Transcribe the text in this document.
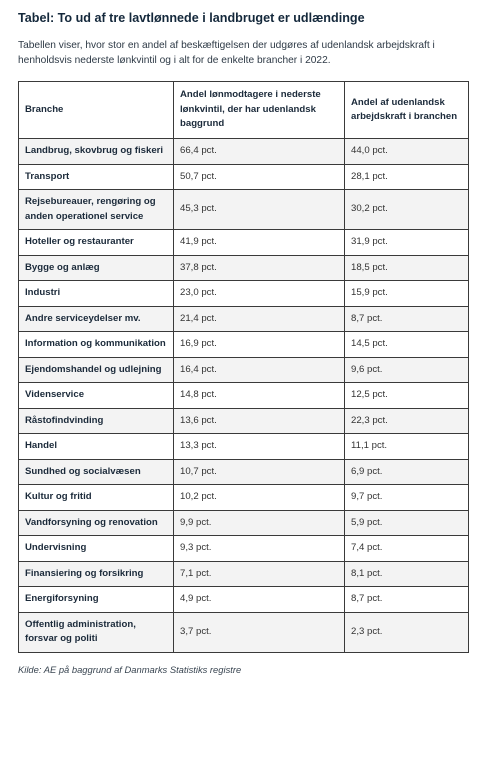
Tabel: To ud af tre lavtlønnede i landbruget er udlændinge

Tabellen viser, hvor stor en andel af beskæftigelsen der udgøres af udenlandsk arbejdskraft i henholdsvis nederste lønkvintil og i alt for de enkelte brancher i 2022.

Branche	Andel lønmodtagere i nederste lønkvintil, der har udenlandsk baggrund	Andel af udenlandsk arbejdskraft i branchen
Landbrug, skovbrug og fiskeri	66,4 pct.	44,0 pct.
Transport	50,7 pct.	28,1 pct.
Rejsebureauer, rengøring og anden operationel service	45,3 pct.	30,2 pct.
Hoteller og restauranter	41,9 pct.	31,9 pct.
Bygge og anlæg	37,8 pct.	18,5 pct.
Industri	23,0 pct.	15,9 pct.
Andre serviceydelser mv.	21,4 pct.	8,7 pct.
Information og kommunikation	16,9 pct.	14,5 pct.
Ejendomshandel og udlejning	16,4 pct.	9,6 pct.
Videnservice	14,8 pct.	12,5 pct.
Råstofindvinding	13,6 pct.	22,3 pct.
Handel	13,3 pct.	11,1 pct.
Sundhed og socialvæsen	10,7 pct.	6,9 pct.
Kultur og fritid	10,2 pct.	9,7 pct.
Vandforsyning og renovation	9,9 pct.	5,9 pct.
Undervisning	9,3 pct.	7,4 pct.
Finansiering og forsikring	7,1 pct.	8,1 pct.
Energiforsyning	4,9 pct.	8,7 pct.
Offentlig administration, forsvar og politi	3,7 pct.	2,3 pct.
Kilde: AE på baggrund af Danmarks Statistiks registre
